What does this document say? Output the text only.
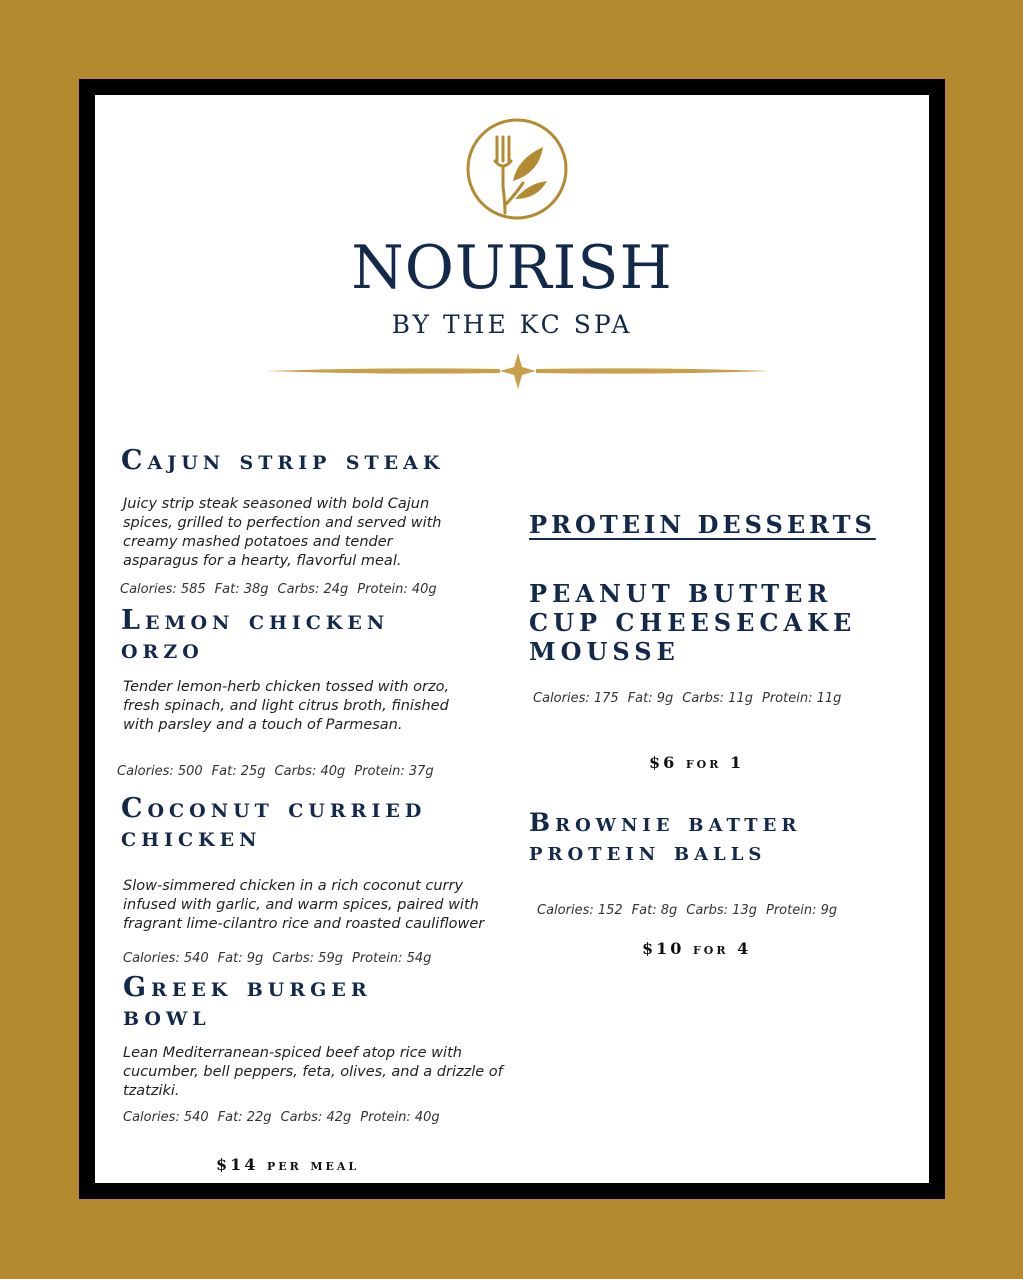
NOURISH
BY THE KC SPA
Cajun strip steak
Juicy strip steak seasoned with bold Cajun spices, grilled to perfection and served with creamy mashed potatoes and tender asparagus for a hearty, flavorful meal.
Calories: 585 Fat: 38g Carbs: 24g Protein: 40g
Lemon chicken orzo
Tender lemon-herb chicken tossed with orzo, fresh spinach, and light citrus broth, finished with parsley and a touch of Parmesan.
Calories: 500 Fat: 25g Carbs: 40g Protein: 37g
Coconut curried chicken
Slow-simmered chicken in a rich coconut curry infused with garlic, and warm spices, paired with fragrant lime-cilantro rice and roasted cauliflower
Calories: 540 Fat: 9g Carbs: 59g Protein: 54g
Greek burger bowl
Lean Mediterranean-spiced beef atop rice with cucumber, bell peppers, feta, olives, and a drizzle of tzatziki.
Calories: 540 Fat: 22g Carbs: 42g Protein: 40g
$14 per meal
PROTEIN DESSERTS
PEANUT BUTTER CUP CHEESECAKE MOUSSE
Calories: 175 Fat: 9g Carbs: 11g Protein: 11g
$6 for 1
Brownie batter protein balls
Calories: 152 Fat: 8g Carbs: 13g Protein: 9g
$10 for 4
